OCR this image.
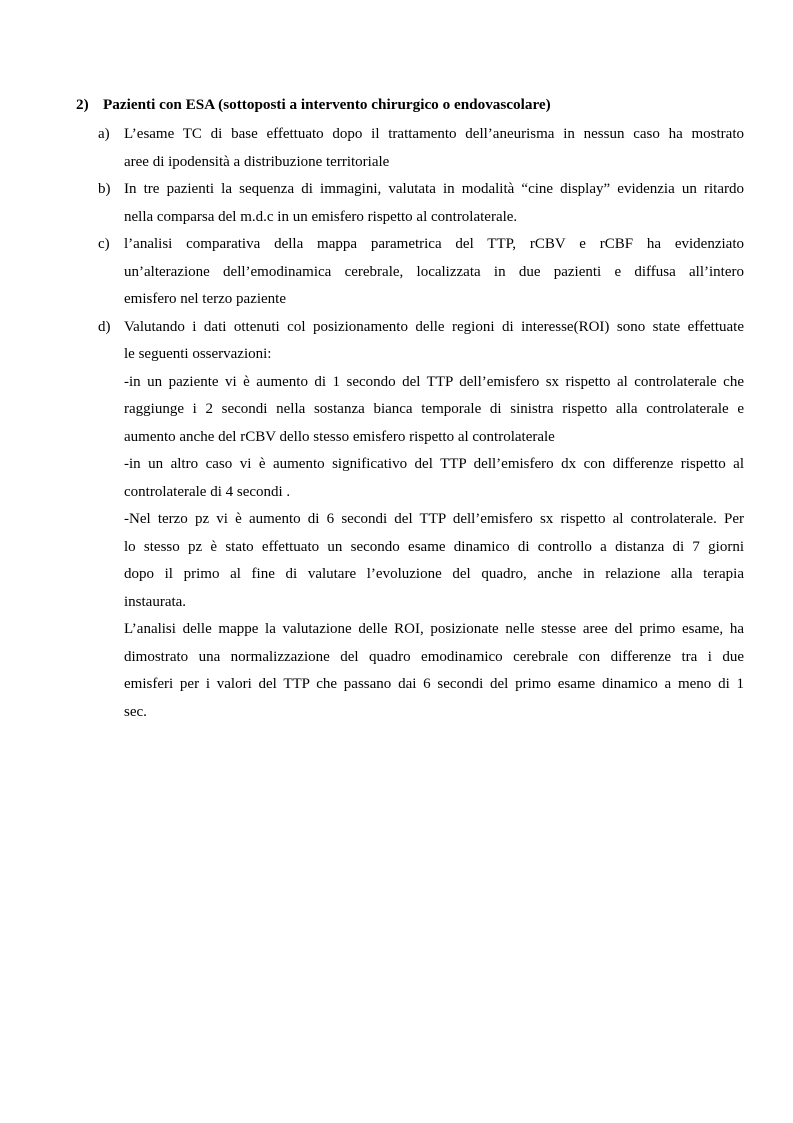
2) Pazienti con ESA (sottoposti a intervento chirurgico o endovascolare)
a) L’esame TC di base effettuato dopo il trattamento dell’aneurisma in nessun caso ha mostrato
aree di ipodensità a distribuzione territoriale
b) In tre pazienti la sequenza di immagini, valutata in modalità “cine display” evidenzia un ritardo
nella comparsa del m.d.c in un emisfero rispetto al controlaterale.
c) l’analisi comparativa della mappa parametrica del TTP, rCBV e rCBF ha evidenziato
un’alterazione dell’emodinamica cerebrale, localizzata in due pazienti e diffusa all’intero
emisfero nel terzo paziente
d) Valutando i dati ottenuti col posizionamento delle regioni di interesse(ROI) sono state effettuate
le seguenti osservazioni:
-in un paziente vi è aumento di 1 secondo del TTP dell’emisfero sx rispetto al controlaterale che
raggiunge i 2 secondi nella sostanza bianca temporale di sinistra rispetto alla controlaterale e
aumento anche del rCBV dello stesso emisfero rispetto al controlaterale
-in un altro caso vi è aumento significativo del TTP dell’emisfero dx con differenze rispetto al
controlaterale di 4 secondi .
-Nel terzo pz vi è aumento di 6 secondi del TTP dell’emisfero sx rispetto al controlaterale. Per
lo stesso pz è stato effettuato un secondo esame dinamico di controllo a distanza di 7 giorni
dopo il primo al fine di valutare l’evoluzione del quadro, anche in relazione alla terapia
instaurata.
L’analisi delle mappe la valutazione delle ROI, posizionate nelle stesse aree del primo esame, ha
dimostrato una normalizzazione del quadro emodinamico cerebrale con differenze tra i due
emisferi per i valori del TTP che passano dai 6 secondi del primo esame dinamico a meno di 1
sec.
